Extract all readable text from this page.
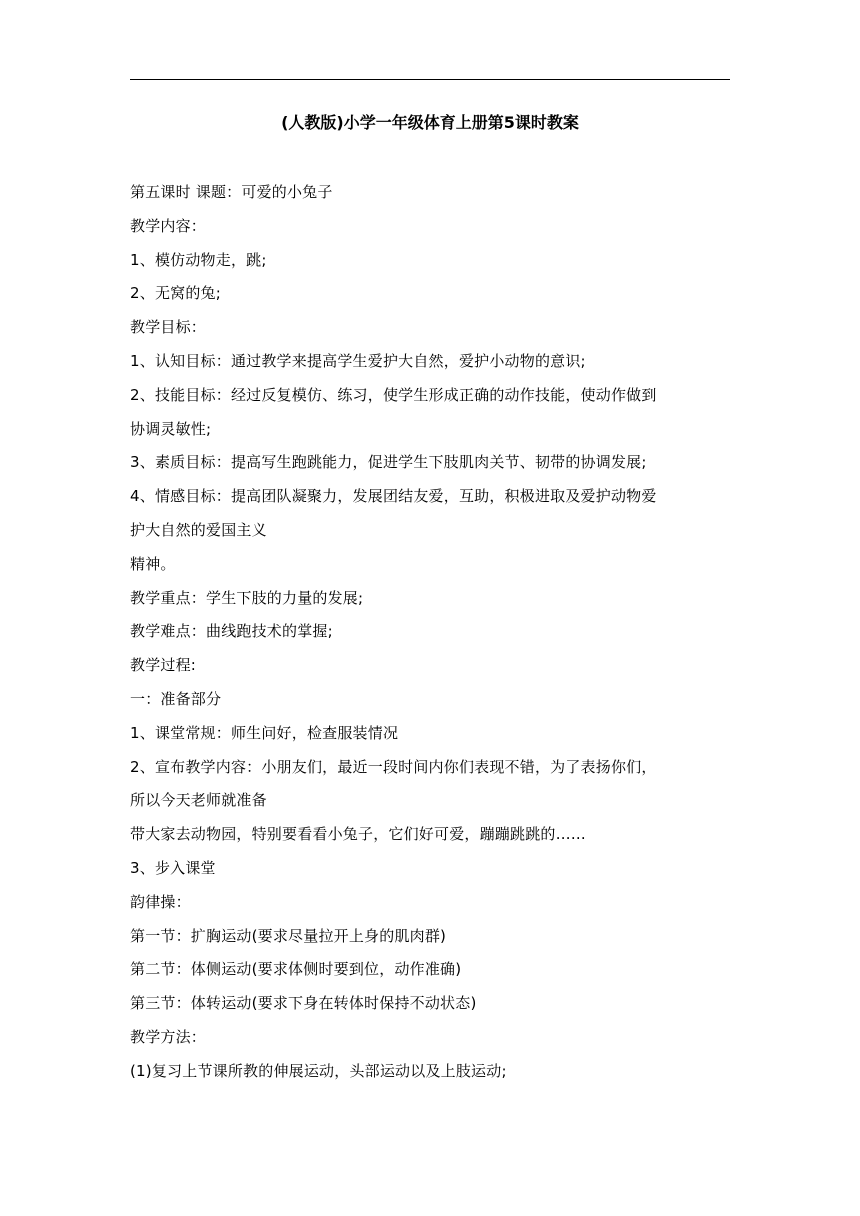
(人教版)小学一年级体育上册第5课时教案

第五课时 课题：可爱的小兔子

教学内容：

1、模仿动物走，跳;

2、无窝的兔;

教学目标：

1、认知目标：通过教学来提高学生爱护大自然，爱护小动物的意识;

2、技能目标：经过反复模仿、练习，使学生形成正确的动作技能，使动作做到

协调灵敏性;

3、素质目标：提高写生跑跳能力，促进学生下肢肌肉关节、韧带的协调发展;

4、情感目标：提高团队凝聚力，发展团结友爱，互助，积极进取及爱护动物爱

护大自然的爱国主义

精神。

教学重点：学生下肢的力量的发展;

教学难点：曲线跑技术的掌握;

教学过程:

一：准备部分

1、课堂常规：师生问好，检查服装情况

2、宣布教学内容：小朋友们，最近一段时间内你们表现不错，为了表扬你们，

所以今天老师就准备

带大家去动物园，特别要看看小兔子，它们好可爱，蹦蹦跳跳的……

3、步入课堂

韵律操：

第一节：扩胸运动(要求尽量拉开上身的肌肉群)

第二节：体侧运动(要求体侧时要到位，动作准确)

第三节：体转运动(要求下身在转体时保持不动状态)

教学方法：

(1)复习上节课所教的伸展运动，头部运动以及上肢运动;
